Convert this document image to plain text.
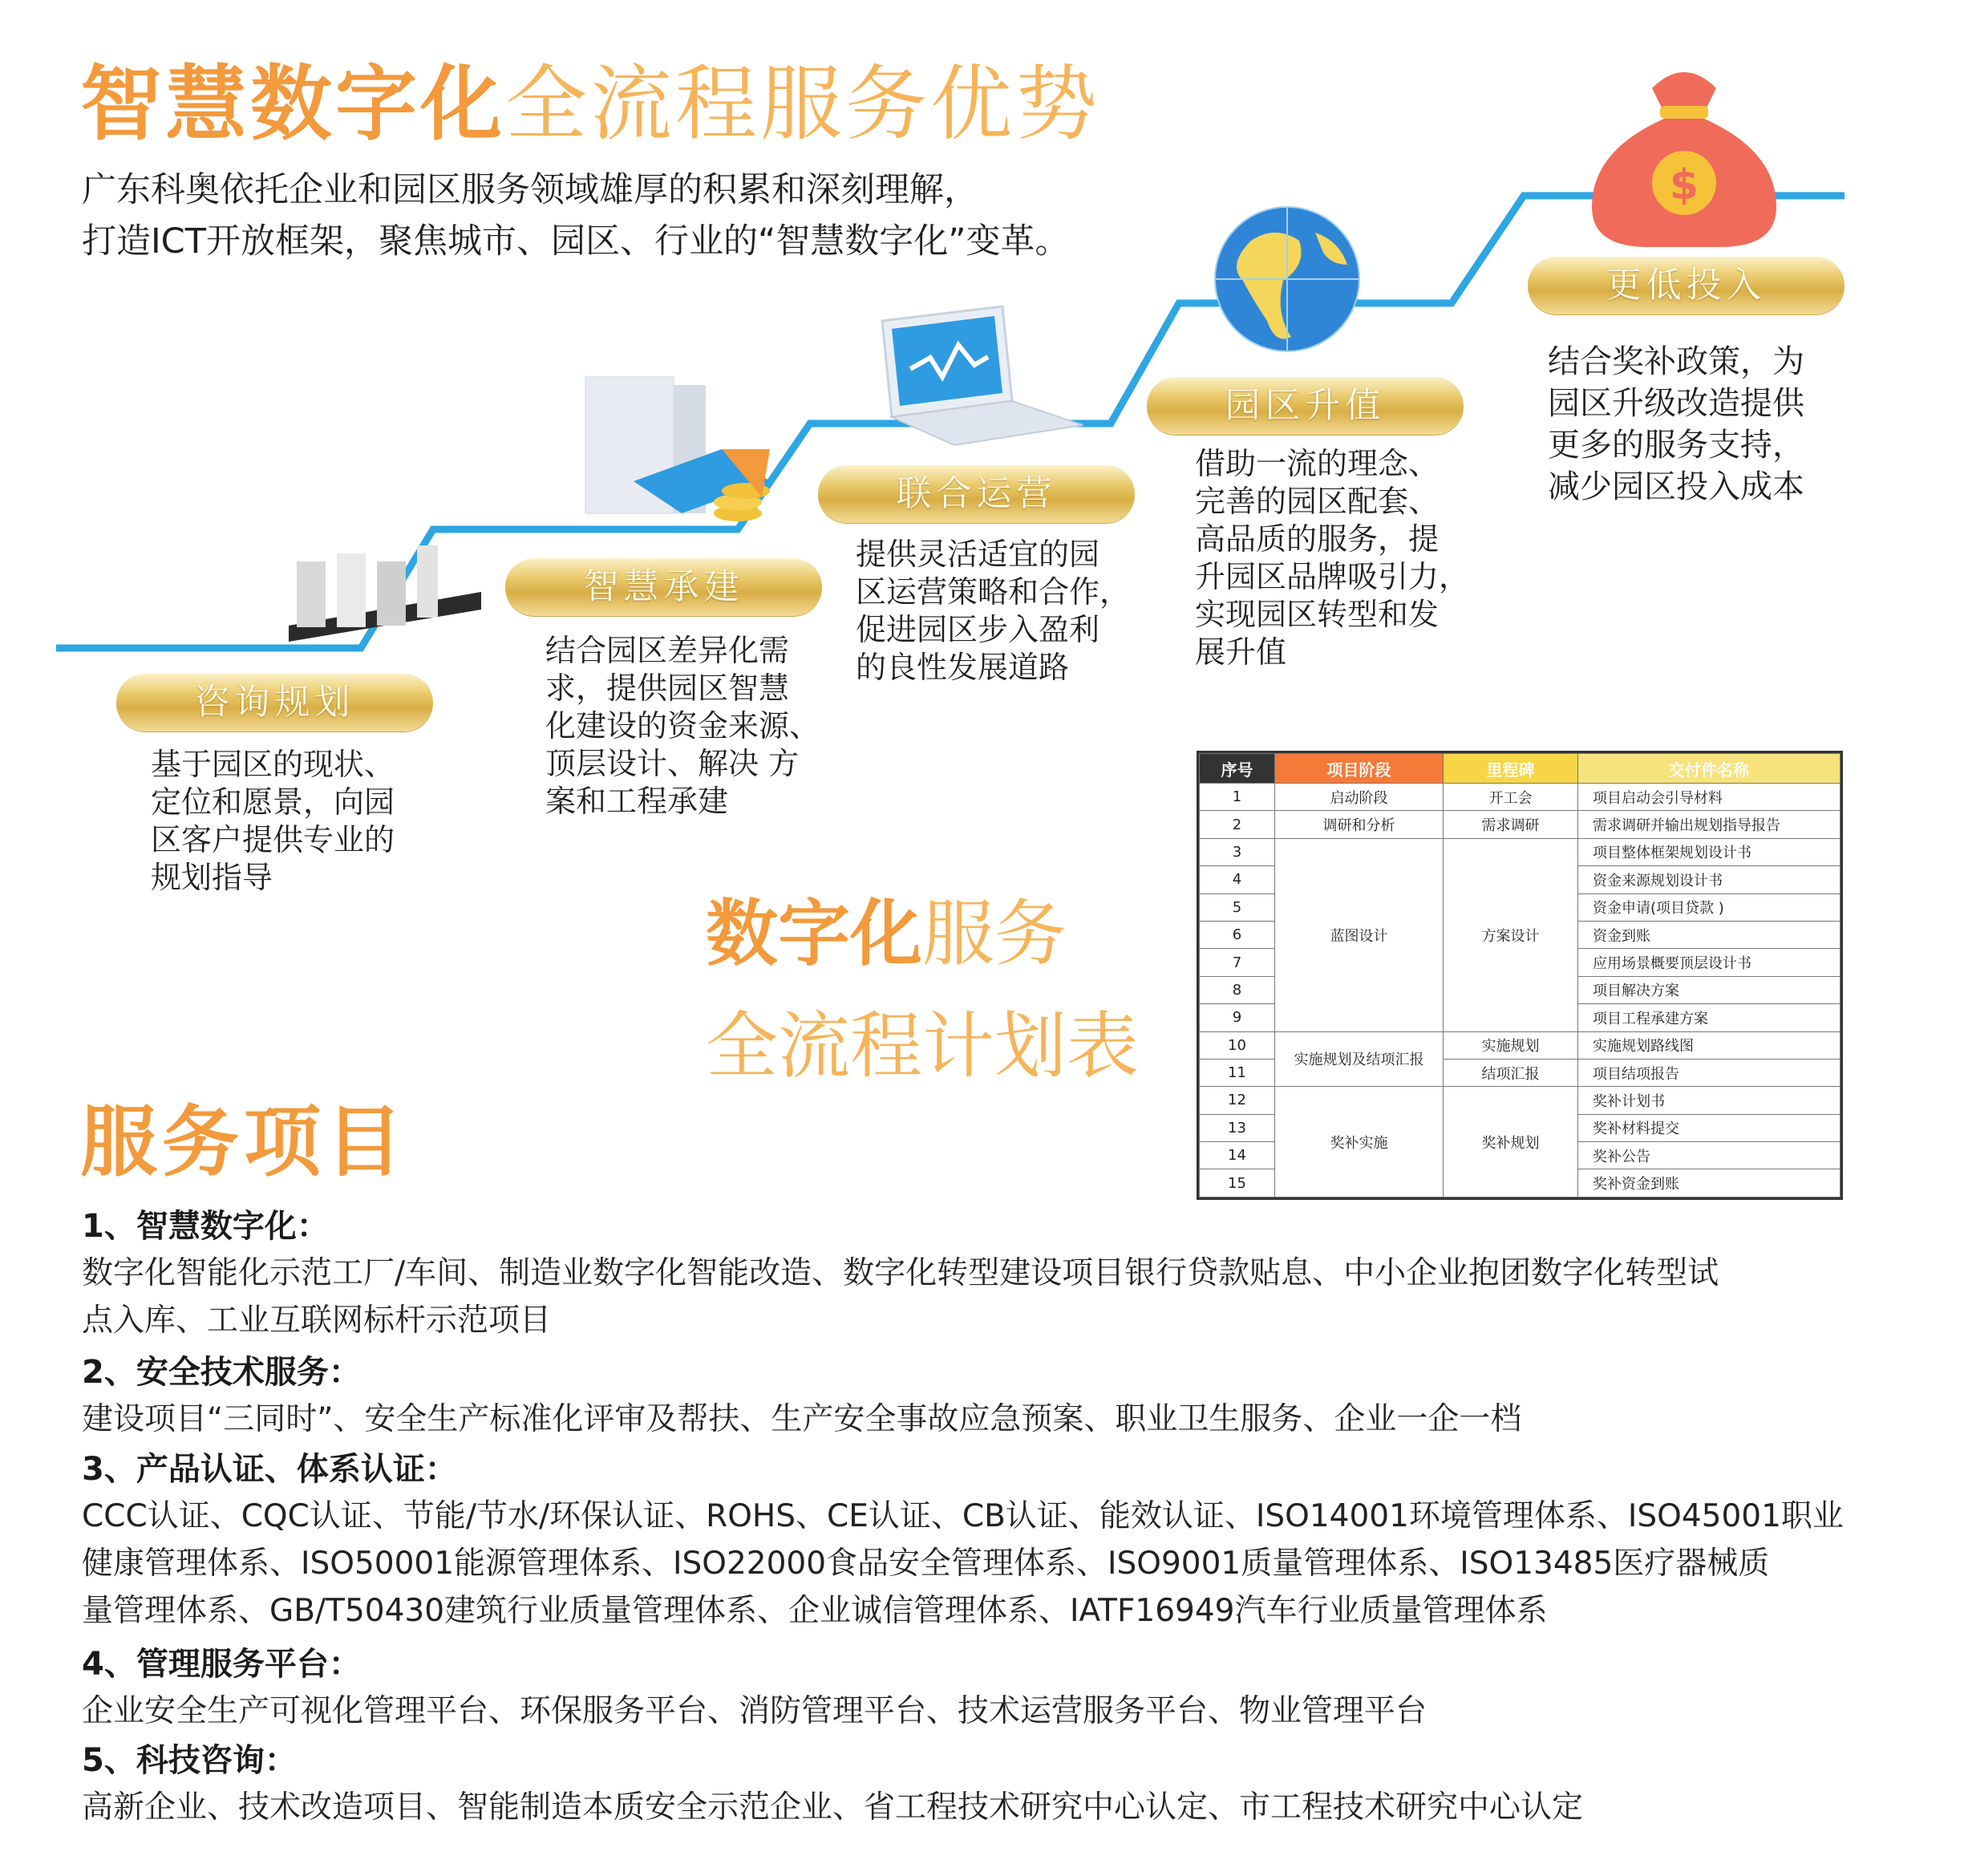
智慧数字化全流程服务优势
广东科奥依托企业和园区服务领域雄厚的积累和深刻理解，
打造ICT开放框架，聚焦城市、园区、行业的“智慧数字化”变革。
$
咨询规划
智慧承建
联合运营
园区升值
更低投入
基于园区的现状、
定位和愿景，向园
区客户提供专业的
规划指导
结合园区差异化需
求，提供园区智慧
化建设的资金来源、
顶层设计、解决 方
案和工程承建
提供灵活适宜的园
区运营策略和合作，
促进园区步入盈利
的良性发展道路
借助一流的理念、
完善的园区配套、
高品质的服务，提
升园区品牌吸引力，
实现园区转型和发
展升值
结合奖补政策，为
园区升级改造提供
更多的服务支持，
减少园区投入成本
数字化服务
全流程计划表
序号	项目阶段	里程碑	交付件名称
1	启动阶段	开工会	项目启动会引导材料
2	调研和分析	需求调研	需求调研并输出规划指导报告
3	蓝图设计	方案设计	项目整体框架规划设计书
4			资金来源规划设计书
5			资金申请(项目贷款 )
6			资金到账
7			应用场景概要顶层设计书
8			项目解决方案
9			项目工程承建方案
10	实施规划及结项汇报	实施规划	实施规划路线图
11		结项汇报	项目结项报告
12	奖补实施	奖补规划	奖补计划书
13			奖补材料提交
14			奖补公告
15			奖补资金到账
服务项目
1、智慧数字化：
数字化智能化示范工厂/车间、制造业数字化智能改造、数字化转型建设项目银行贷款贴息、中小企业抱团数字化转型试
点入库、工业互联网标杆示范项目
2、安全技术服务：
建设项目“三同时”、安全生产标准化评审及帮扶、生产安全事故应急预案、职业卫生服务、企业一企一档
3、产品认证、体系认证：
CCC认证、CQC认证、节能/节水/环保认证、ROHS、CE认证、CB认证、能效认证、ISO14001环境管理体系、ISO45001职业
健康管理体系、ISO50001能源管理体系、ISO22000食品安全管理体系、ISO9001质量管理体系、ISO13485医疗器械质
量管理体系、GB/T50430建筑行业质量管理体系、企业诚信管理体系、IATF16949汽车行业质量管理体系
4、管理服务平台：
企业安全生产可视化管理平台、环保服务平台、消防管理平台、技术运营服务平台、物业管理平台
5、科技咨询：
高新企业、技术改造项目、智能制造本质安全示范企业、省工程技术研究中心认定、市工程技术研究中心认定
